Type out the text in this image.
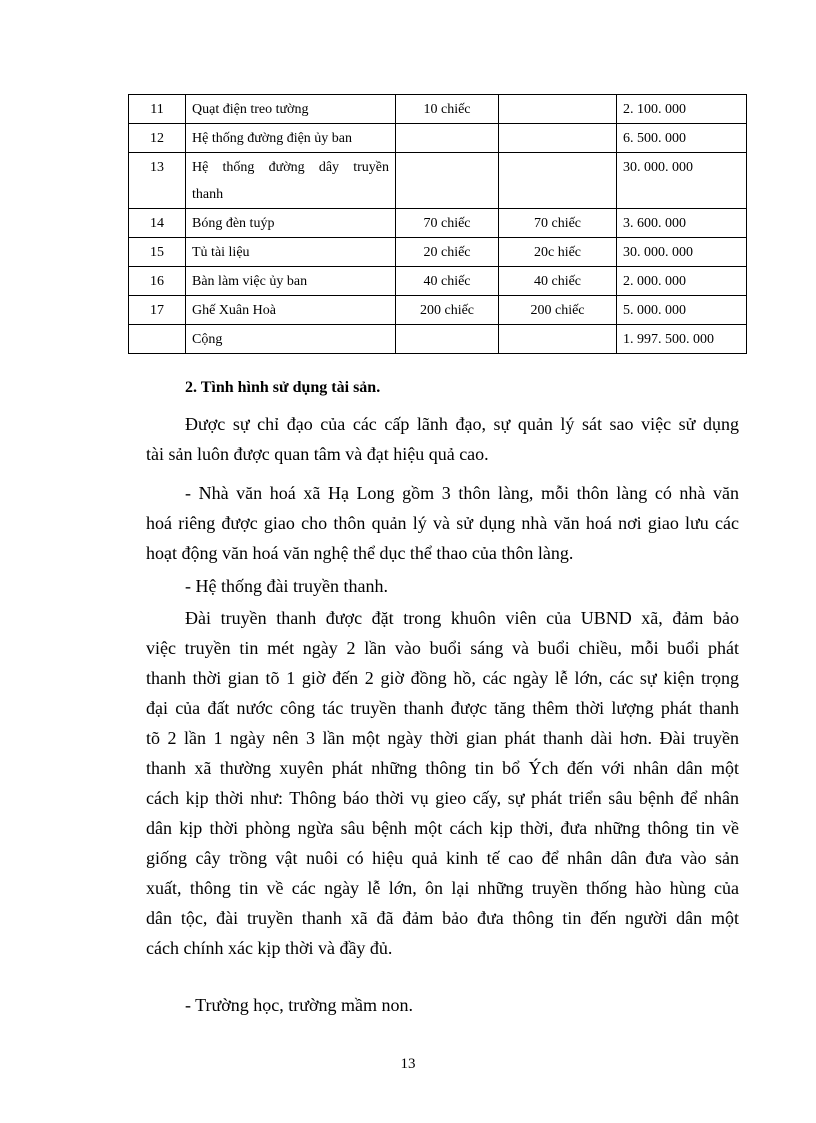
11	Quạt điện treo tường	10 chiếc		2. 100. 000
12	Hệ thống đường điện ủy ban			6. 500. 000
13	Hệ thống đường dây truyền
thanh			30. 000. 000
14	Bóng đèn tuýp	70 chiếc	70 chiếc	3. 600. 000
15	Tủ tài liệu	20 chiếc	20c hiếc	30. 000. 000
16	Bàn làm việc ủy ban	40 chiếc	40 chiếc	2. 000. 000
17	Ghế Xuân Hoà	200 chiếc	200 chiếc	5. 000. 000
	Cộng			1. 997. 500. 000
2. Tình hình sử dụng tài sản.
Được sự chỉ đạo của các cấp lãnh đạo, sự quản lý sát sao việc sử dụng
tài sản luôn được quan tâm và đạt hiệu quả cao.
- Nhà văn hoá xã Hạ Long gồm 3 thôn làng, mỗi thôn làng có nhà văn
hoá riêng được giao cho thôn quản lý và sử dụng nhà văn hoá nơi giao lưu các
hoạt động văn hoá văn nghệ thể dục thể thao của thôn làng.
- Hệ thống đài truyền thanh.
Đài truyền thanh được đặt trong khuôn viên của UBND xã, đảm bảo
việc truyền tin mét ngày 2 lần vào buổi sáng và buổi chiều, mỗi buổi phát
thanh thời gian tõ 1 giờ đến 2 giờ đồng hồ, các ngày lễ lớn, các sự kiện trọng
đại của đất nước công tác truyền thanh được tăng thêm thời lượng phát thanh
tõ 2 lần 1 ngày nên 3 lần một ngày thời gian phát thanh dài hơn. Đài truyền
thanh xã thường xuyên phát những thông tin bổ Ých đến với nhân dân một
cách kịp thời như: Thông báo thời vụ gieo cấy, sự phát triển sâu bệnh để nhân
dân kịp thời phòng ngừa sâu bệnh một cách kịp thời, đưa những thông tin về
giống cây trồng vật nuôi có hiệu quả kinh tế cao để nhân dân đưa vào sản
xuất, thông tin về các ngày lễ lớn, ôn lại những truyền thống hào hùng của
dân tộc, đài truyền thanh xã đã đảm bảo đưa thông tin đến người dân một
cách chính xác kịp thời và đầy đủ.
- Trường học, trường mầm non.
13
